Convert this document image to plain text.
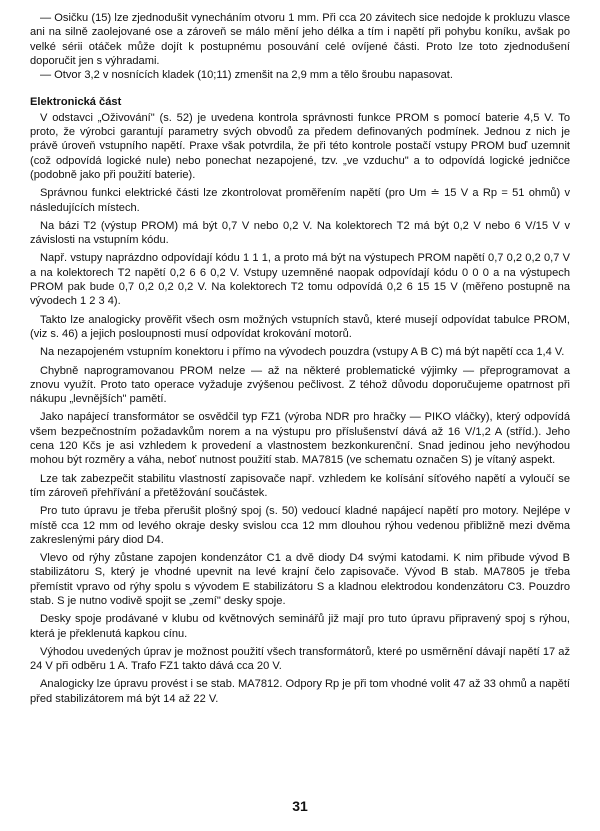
— Osičku (15) lze zjednodušit vynecháním otvoru 1 mm. Při cca 20 závitech sice nedojde k prokluzu vlasce ani na silně zaolejované ose a zároveň se málo mění jeho délka a tím i napětí při pohybu koníku, avšak po velké sérii otáček může dojít k postupnému posouvání celé ovíjené části. Proto lze toto zjednodušení doporučit jen s výhradami.

— Otvor 3,2 v nosnících kladek (10;11) zmenšit na 2,9 mm a tělo šroubu napasovat.

Elektronická část

V odstavci „Oživování" (s. 52) je uvedena kontrola správnosti funkce PROM s pomocí baterie 4,5 V. To proto, že výrobci garantují parametry svých obvodů za předem definovaných podmínek. Jednou z nich je právě úroveň vstupního napětí. Praxe však potvrdila, že při této kontrole postačí vstupy PROM buď uzemnit (což odpovídá logické nule) nebo ponechat nezapojené, tzv. „ve vzduchu" a to odpovídá logické jedničce (podobně jako při použití baterie).

Správnou funkci elektrické části lze zkontrolovat proměřením napětí (pro Um ≐ 15 V a Rp = 51 ohmů) v následujících místech.

Na bázi T2 (výstup PROM) má být 0,7 V nebo 0,2 V. Na kolektorech T2 má být 0,2 V nebo 6 V/15 V v závislosti na vstupním kódu.

Např. vstupy naprázdno odpovídají kódu 1 1 1, a proto má být na výstupech PROM napětí 0,7 0,2 0,2 0,7 V a na kolektorech T2 napětí 0,2 6 6 0,2 V. Vstupy uzemněné naopak odpovídají kódu 0 0 0 a na výstupech PROM pak bude 0,7 0,2 0,2 0,2 V. Na kolektorech T2 tomu odpovídá 0,2 6 15 15 V (měřeno postupně na vývodech 1 2 3 4).

Takto lze analogicky prověřit všech osm možných vstupních stavů, které musejí odpovídat tabulce PROM, (viz s. 46) a jejich posloupnosti musí odpovídat krokování motorů.

Na nezapojeném vstupním konektoru i přímo na vývodech pouzdra (vstupy A B C) má být napětí cca 1,4 V.

Chybně naprogramovanou PROM nelze — až na některé problematické výjimky — přeprogramovat a znovu využít. Proto tato operace vyžaduje zvýšenou pečlivost. Z téhož důvodu doporučujeme opatrnost při nákupu „levnějších" pamětí.

Jako napájecí transformátor se osvědčil typ FZ1 (výroba NDR pro hračky — PIKO vláčky), který odpovídá všem bezpečnostním požadavkům norem a na výstupu pro příslušenství dává až 16 V/1,2 A (stříd.). Jeho cena 120 Kčs je asi vzhledem k provedení a vlastnostem bezkonkurenční. Snad jedinou jeho nevýhodou mohou být rozměry a váha, neboť nutnost použití stab. MA7815 (ve schematu označen S) je vítaný aspekt.

Lze tak zabezpečit stabilitu vlastností zapisovače např. vzhledem ke kolísání síťového napětí a vyloučí se tím zároveň přehřívání a přetěžování součástek.

Pro tuto úpravu je třeba přerušit plošný spoj (s. 50) vedoucí kladné napájecí napětí pro motory. Nejlépe v místě cca 12 mm od levého okraje desky svislou cca 12 mm dlouhou rýhou vedenou přibližně mezi dvěma zakreslenými páry diod D4.

Vlevo od rýhy zůstane zapojen kondenzátor C1 a dvě diody D4 svými katodami. K nim přibude vývod B stabilizátoru S, který je vhodné upevnit na levé krajní čelo zapisovače. Vývod B stab. MA7805 je třeba přemístit vpravo od rýhy spolu s vývodem E stabilizátoru S a kladnou elektrodou kondenzátoru C3. Pouzdro stab. S je nutno vodivě spojit se „zemí" desky spoje.

Desky spoje prodávané v klubu od květnových seminářů již mají pro tuto úpravu připravený spoj s rýhou, která je překlenutá kapkou cínu.

Výhodou uvedených úprav je možnost použití všech transformátorů, které po usměrnění dávají napětí 17 až 24 V při odběru 1 A. Trafo FZ1 takto dává cca 20 V.

Analogicky lze úpravu provést i se stab. MA7812. Odpory Rp je při tom vhodné volit 47 až 33 ohmů a napětí před stabilizátorem má být 14 až 22 V.

31
